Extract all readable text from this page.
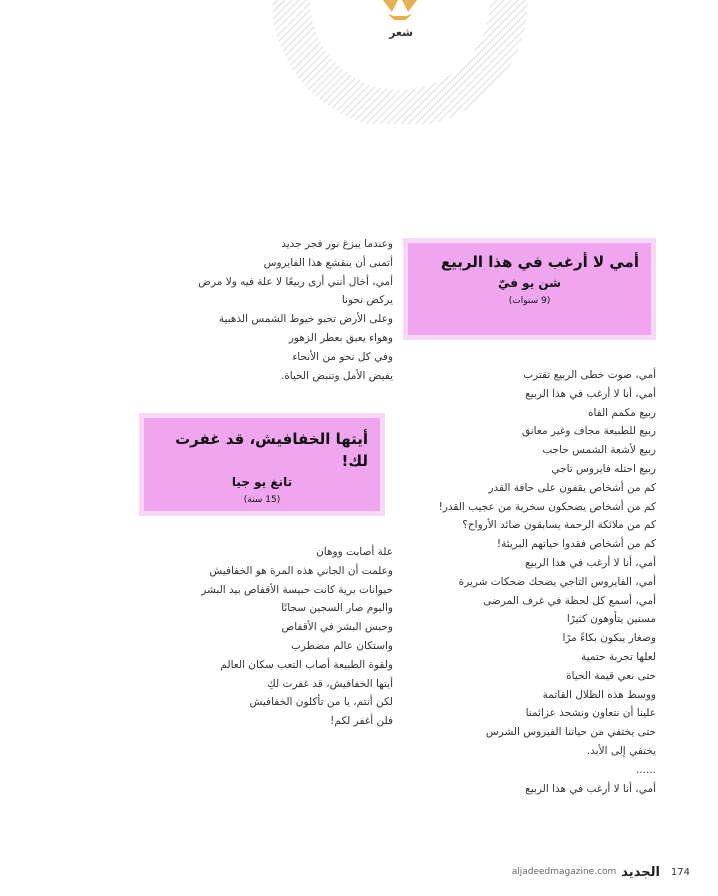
شعر
أمي لا أرغب في هذا الربيع
شن يو فيّ
(9 سنوات)
أمي، صوت خطى الربيع تقترب
أمي، أنا لا أرغب في هذا الربيع
ربيع مكمم الفاه
ربيع للطبيعة مجاف وغير معانق
ربيع لأشعة الشمس حاجب
ربيع احتله فايروس تاجي
كم من أشخاص يقفون على حافة القدر
كم من أشخاص يضحكون سخرية من عجيب القدر!
كم من ملائكة الرحمة يسابقون صائد الأرواح؟
كم من أشخاص فقدوا حياتهم البريئة!
أمي، أنا لا أرغب في هذا الربيع
أمي، الفايروس التاجي يضحك ضحكات شريرة
أمي، أسمع كل لحظة في غرف المرضى
مسنين يتأوهون كثيرًا
وصغار يبكون بكاءً مرًا
لعلها تجربة حتمية
حتى نعي قيمة الحياة
ووسط هذه الظلال القاتمة
علينا أن نتعاون ونشحذ عزائمنا
حتى يختفي من حياتنا الفيروس الشرس
يختفي إلى الأبد.
......
أمي، أنا لا أرغب في هذا الربيع
وعندما يبزغ نور فجر جديد
أتمنى أن ينقشع هذا الفايروس
أمي، أخال أنني أرى ربيعًا لا علة فيه ولا مرض
يركض نحونا
وعلى الأرض تحبو خيوط الشمس الذهبية
وهواء يعبق بعطر الزهور
وفي كل نحو من الأنحاء
يفيض الأمل وتنبض الحياة.
أيتها الخفافيش، قد غفرت لك!
تانغ يو جيا
(15 سنة)
علة أصابت ووهان
وعلمت أن الجاني هذه المرة هو الخفافيش
حيوانات برية كانت حبيسة الأقفاص بيد البشر
واليوم صار السجين سجانًا
وحبس البشر في الأقفاص
واستكان عالم مضطرب
ولقوة الطبيعة أصاب التعب سكان العالم
أيتها الخفافيش، قد غفرت لكِ
لكن أنتم، يا من تأكلون الخفافيش
فلن أغفر لكم!
aljadeedmagazine.com الجديد 174
